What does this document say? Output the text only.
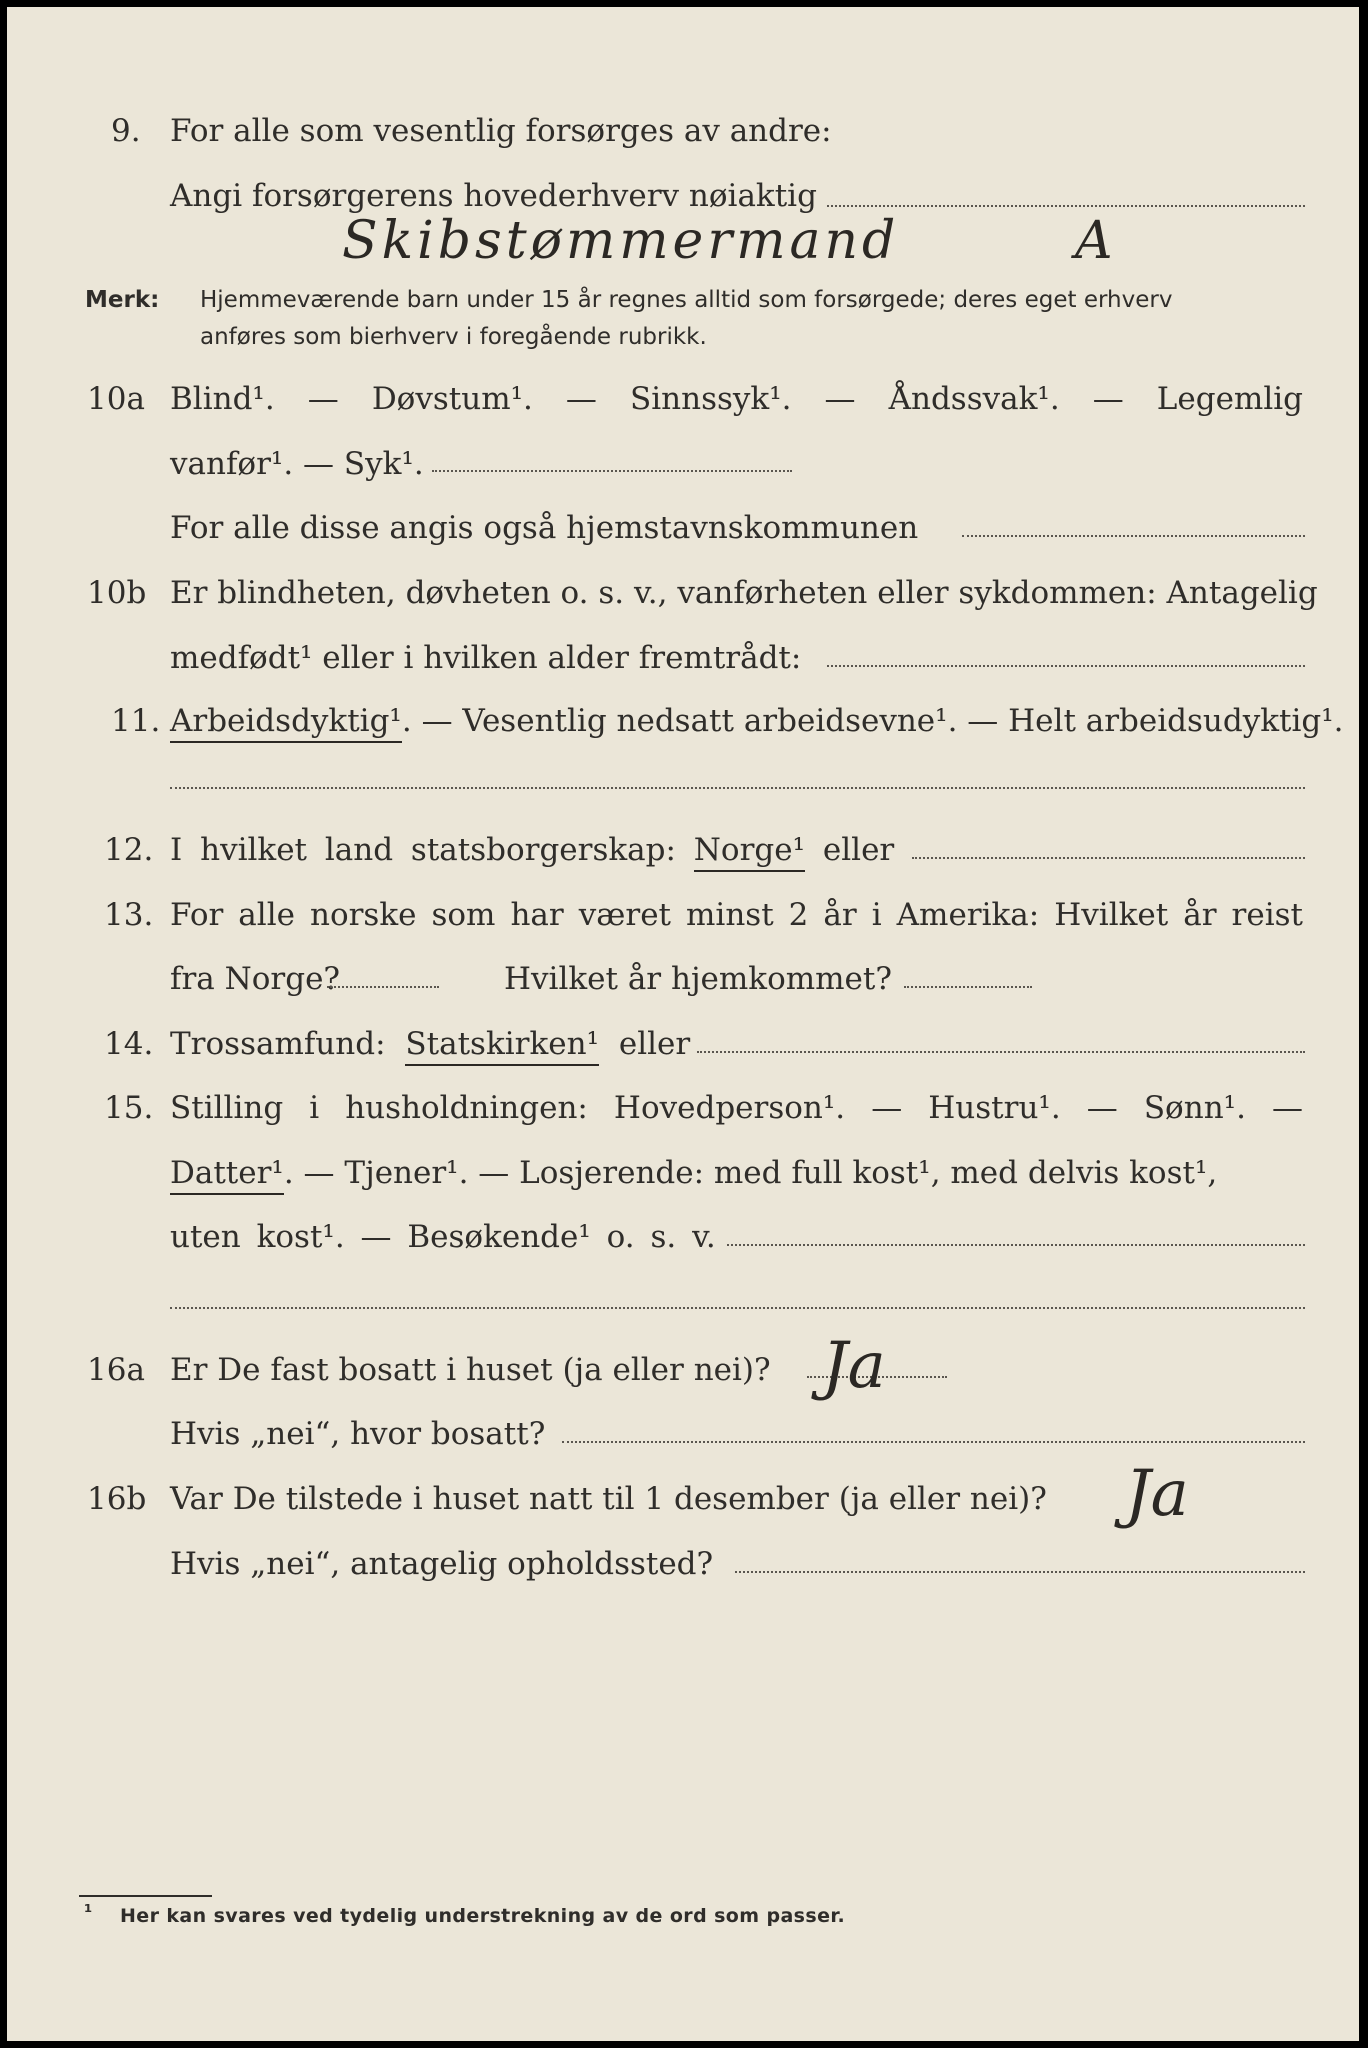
9. For alle som vesentlig forsørges av andre:
Angi forsørgerens hovederhverv nøiaktig
Skibstømmermand	A
Merk: Hjemmeværende barn under 15 år regnes alltid som forsørgede; deres eget erhverv
anføres som bierhverv i foregående rubrikk.
10a Blind¹. — Døvstum¹. — Sinnssyk¹. — Åndssvak¹. — Legemlig
vanfør¹. — Syk¹.
For alle disse angis også hjemstavnskommunen
10b Er blindheten, døvheten o. s. v., vanførheten eller sykdommen: Antagelig
medfødt¹ eller i hvilken alder fremtrådt:
11. Arbeidsdyktig¹. — Vesentlig nedsatt arbeidsevne¹. — Helt arbeidsudyktig¹.
12. I hvilket land statsborgerskap: Norge¹ eller
13. For alle norske som har været minst 2 år i Amerika: Hvilket år reist
fra Norge?	Hvilket år hjemkommet?
14. Trossamfund: Statskirken¹ eller
15. Stilling i husholdningen: Hovedperson¹. — Hustru¹. — Sønn¹. —
Datter¹. — Tjener¹. — Losjerende: med full kost¹, med delvis kost¹,
uten kost¹. — Besøkende¹ o. s. v.
16a Er De fast bosatt i huset (ja eller nei)? Ja
Hvis „nei“, hvor bosatt?
16b Var De tilstede i huset natt til 1 desember (ja eller nei)? Ja
Hvis „nei“, antagelig opholdssted?
¹ Her kan svares ved tydelig understrekning av de ord som passer.
